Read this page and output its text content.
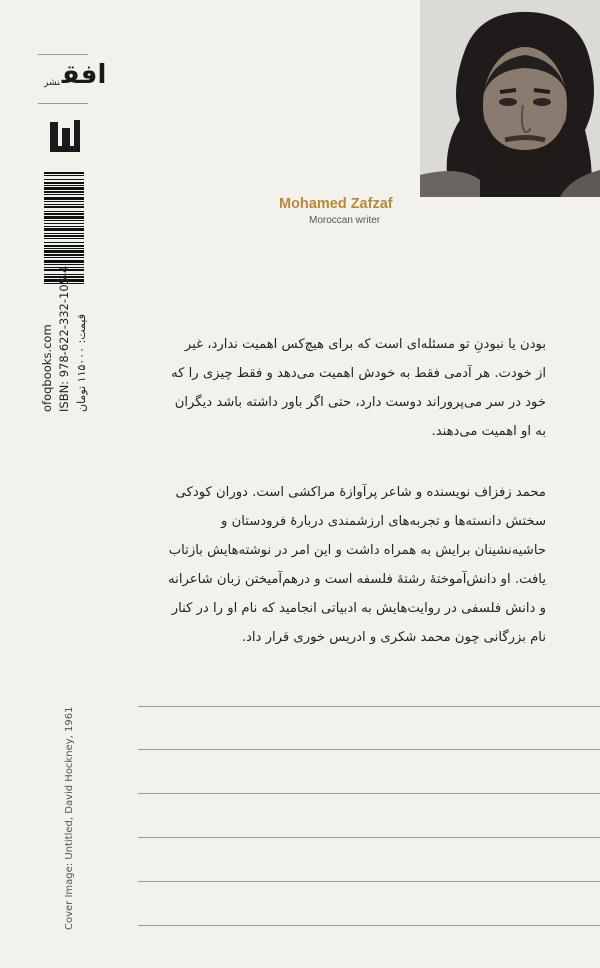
افقنشر
ofoqbooks.com ISBN: 978-622-332-105-4 قیمت: ۱۱۵۰۰۰ تومان
Cover Image: Untitled, David Hockney, 1961
Mohamed Zafzaf
Moroccan writer
بودن یا نبودنِ تو مسئله‌ای است که برای هیچ‌کس اهمیت ندارد، غیر
از خودت. هر آدمی فقط به خودش اهمیت می‌دهد و فقط چیزی را که
خود در سر می‌پروراند دوست دارد، حتی اگر باور داشته باشد دیگران
به او اهمیت می‌دهند.
محمد زفزاف نویسنده و شاعر پرآوازهٔ مراکشی است. دوران کودکی
سختش دانسته‌ها و تجربه‌های ارزشمندی دربارهٔ فرودستان و
حاشیه‌نشینان برایش به همراه داشت و این امر در نوشته‌هایش بازتاب
یافت. او دانش‌آموختهٔ رشتهٔ فلسفه است و درهم‌آمیختن زبان شاعرانه
و دانش فلسفی در روایت‌هایش به ادبیاتی انجامید که نام او را در کنار
نام بزرگانی چون محمد شکری و ادریس خوری قرار داد.
